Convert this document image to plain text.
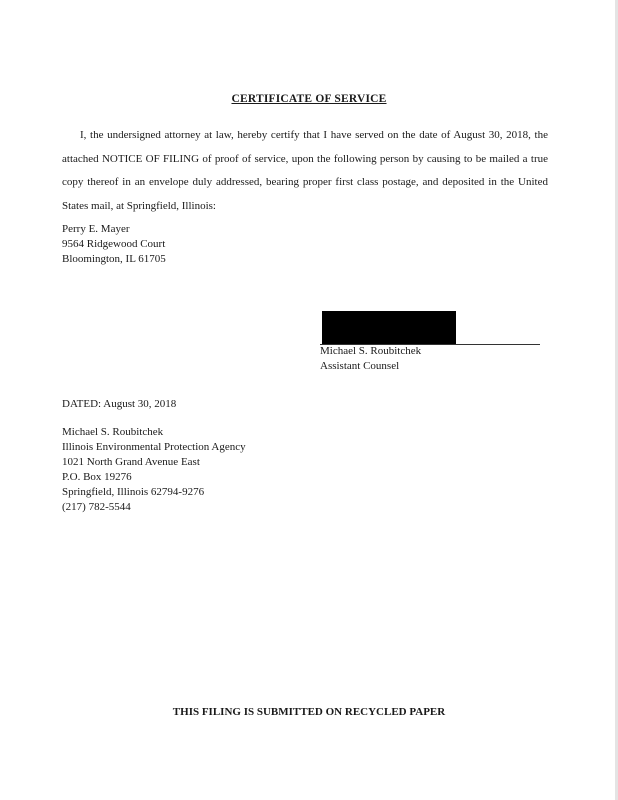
CERTIFICATE OF SERVICE

I, the undersigned attorney at law, hereby certify that I have served on the date of August 30, 2018, the attached NOTICE OF FILING of proof of service, upon the following person by causing to be mailed a true copy thereof in an envelope duly addressed, bearing proper first class postage, and deposited in the United States mail, at Springfield, Illinois:

Perry E. Mayer
9564 Ridgewood Court
Bloomington, IL 61705
Michael S. Roubitchek
Assistant Counsel
DATED: August 30, 2018
Michael S. Roubitchek
Illinois Environmental Protection Agency
1021 North Grand Avenue East
P.O. Box 19276
Springfield, Illinois 62794-9276
(217) 782-5544
THIS FILING IS SUBMITTED ON RECYCLED PAPER
